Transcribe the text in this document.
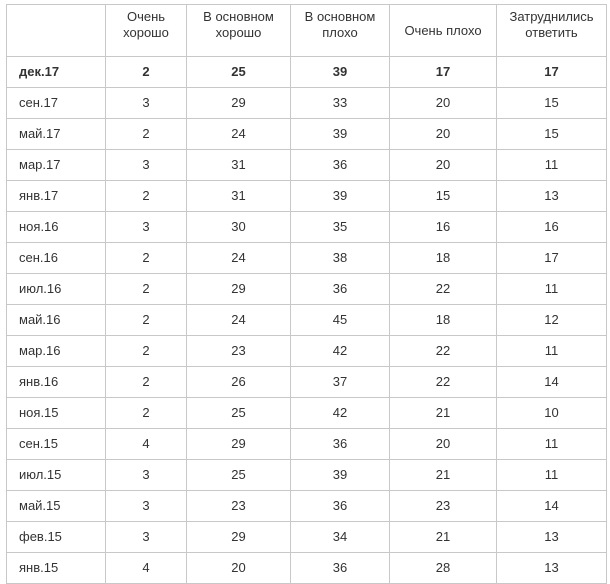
	Очень хорошо	В основном хорошо	В основном плохо	Очень плохо	Затруднились ответить
дек.17	2	25	39	17	17
сен.17	3	29	33	20	15
май.17	2	24	39	20	15
мар.17	3	31	36	20	11
янв.17	2	31	39	15	13
ноя.16	3	30	35	16	16
сен.16	2	24	38	18	17
июл.16	2	29	36	22	11
май.16	2	24	45	18	12
мар.16	2	23	42	22	11
янв.16	2	26	37	22	14
ноя.15	2	25	42	21	10
сен.15	4	29	36	20	11
июл.15	3	25	39	21	11
май.15	3	23	36	23	14
фев.15	3	29	34	21	13
янв.15	4	20	36	28	13
